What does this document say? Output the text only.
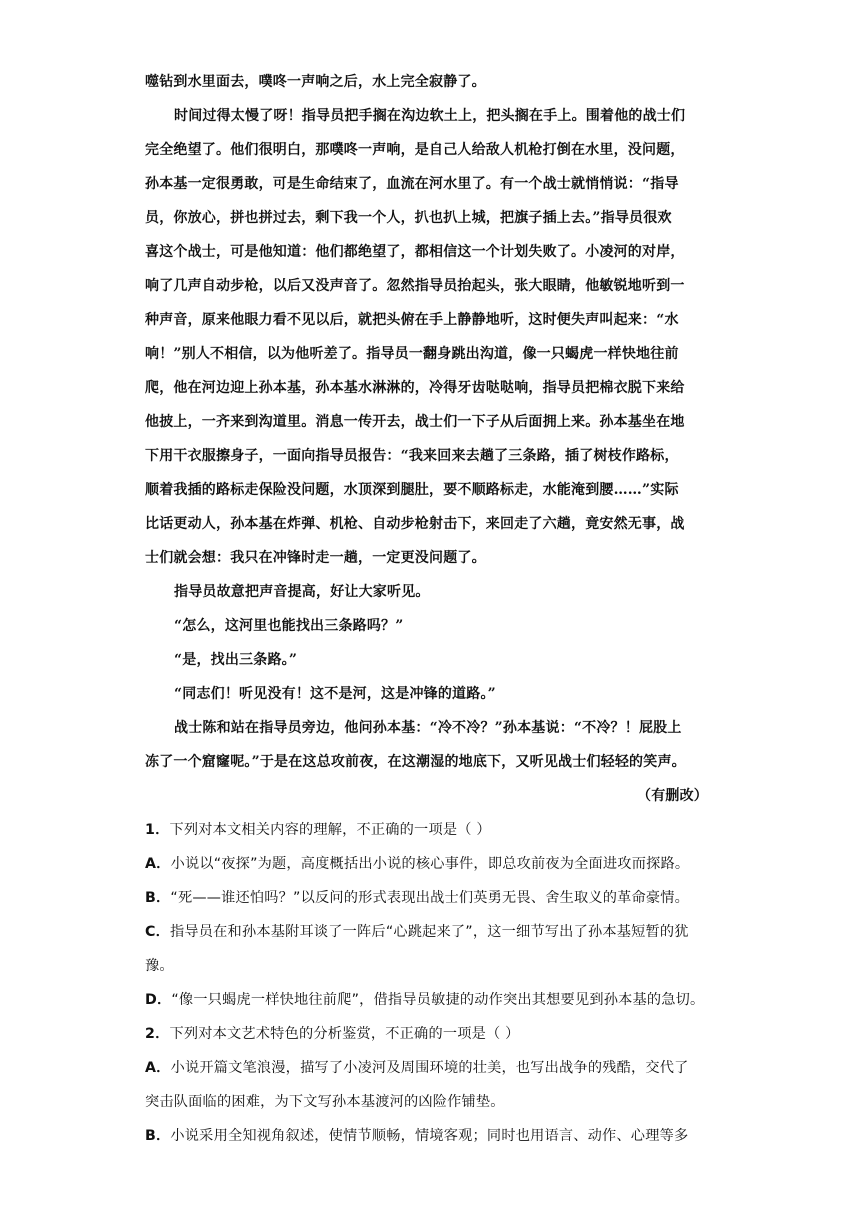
噬钻到水里面去，噗咚一声响之后，水上完全寂静了。
时间过得太慢了呀！指导员把手搁在沟边软土上，把头搁在手上。围着他的战士们
完全绝望了。他们很明白，那噗咚一声响，是自己人给敌人机枪打倒在水里，没问题，
孙本基一定很勇敢，可是生命结束了，血流在河水里了。有一个战士就悄悄说：“指导
员，你放心，拼也拼过去，剩下我一个人，扒也扒上城，把旗子插上去。”指导员很欢
喜这个战士，可是他知道：他们都绝望了，都相信这一个计划失败了。小凌河的对岸，
响了几声自动步枪，以后又没声音了。忽然指导员抬起头，张大眼睛，他敏锐地听到一
种声音，原来他眼力看不见以后，就把头俯在手上静静地听，这时便失声叫起来：“水
响！”别人不相信，以为他听差了。指导员一翻身跳出沟道，像一只蝎虎一样快地往前
爬，他在河边迎上孙本基，孙本基水淋淋的，冷得牙齿哒哒响，指导员把棉衣脱下来给
他披上，一齐来到沟道里。消息一传开去，战士们一下子从后面拥上来。孙本基坐在地
下用干衣服擦身子，一面向指导员报告：“我来回来去趟了三条路，插了树枝作路标，
顺着我插的路标走保险没问题，水顶深到腿肚，要不顺路标走，水能淹到腰……”实际
比话更动人，孙本基在炸弹、机枪、自动步枪射击下，来回走了六趟，竟安然无事，战
士们就会想：我只在冲锋时走一趟，一定更没问题了。
指导员故意把声音提高，好让大家听见。
“怎么，这河里也能找出三条路吗？”
“是，找出三条路。”
“同志们！听见没有！这不是河，这是冲锋的道路。”
战士陈和站在指导员旁边，他问孙本基：“冷不冷？”孙本基说：“不冷？！屁股上
冻了一个窟窿呢。”于是在这总攻前夜，在这潮湿的地底下，又听见战士们轻轻的笑声。
（有删改）
1．下列对本文相关内容的理解，不正确的一项是（ ）
A．小说以“夜探”为题，高度概括出小说的核心事件，即总攻前夜为全面进攻而探路。
B．“死——谁还怕吗？”以反问的形式表现出战士们英勇无畏、舍生取义的革命豪情。
C．指导员在和孙本基附耳谈了一阵后“心跳起来了”，这一细节写出了孙本基短暂的犹
豫。
D．“像一只蝎虎一样快地往前爬”，借指导员敏捷的动作突出其想要见到孙本基的急切。
2．下列对本文艺术特色的分析鉴赏，不正确的一项是（ ）
A．小说开篇文笔浪漫，描写了小凌河及周围环境的壮美，也写出战争的残酷，交代了
突击队面临的困难，为下文写孙本基渡河的凶险作铺垫。
B．小说采用全知视角叙述，使情节顺畅，情境客观；同时也用语言、动作、心理等多
